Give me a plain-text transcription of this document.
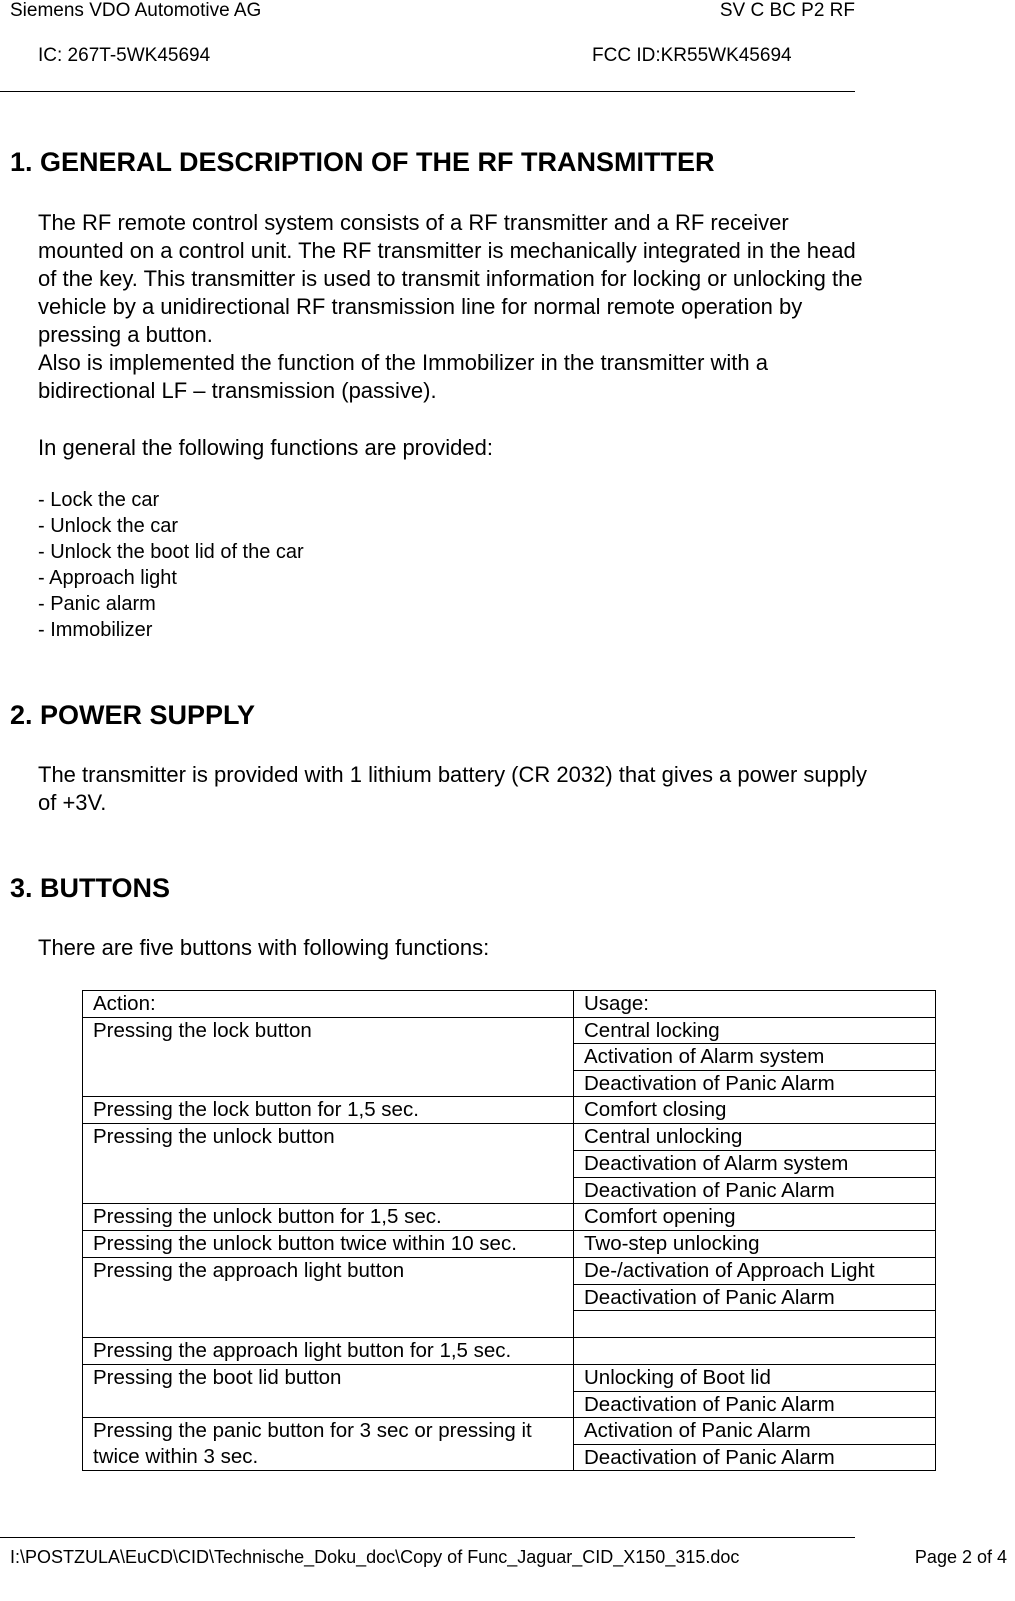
Siemens VDO Automotive AG	SV C BC P2 RF
IC: 267T-5WK45694	FCC ID:KR55WK45694
1. GENERAL DESCRIPTION OF THE RF TRANSMITTER
The RF remote control system consists of a RF transmitter and a RF receiver mounted on a control unit. The RF transmitter is mechanically integrated in the head of the key. This transmitter is used to transmit information for locking or unlocking the vehicle by a unidirectional RF transmission line for normal remote operation by pressing a button.
Also is implemented the function of the Immobilizer in the transmitter with a bidirectional LF – transmission (passive).
In general the following functions are provided:
- Lock the car
- Unlock the car
- Unlock the boot lid of the car
- Approach light
- Panic alarm
- Immobilizer
2. POWER SUPPLY
The transmitter is provided with 1 lithium battery (CR 2032) that gives a power supply of +3V.
3. BUTTONS
There are five buttons with following functions:
Action:	Usage:
Pressing the lock button	Central locking
	Activation of Alarm system
	Deactivation of Panic Alarm
Pressing the lock button for 1,5 sec.	Comfort closing
Pressing the unlock button	Central unlocking
	Deactivation of Alarm system
	Deactivation of Panic Alarm
Pressing the unlock button for 1,5 sec.	Comfort opening
Pressing the unlock button twice within 10 sec.	Two-step unlocking
Pressing the approach light button	De-/activation of Approach Light
	Deactivation of Panic Alarm

Pressing the approach light button for 1,5 sec.	
Pressing the boot lid button	Unlocking of Boot lid
	Deactivation of Panic Alarm
Pressing the panic button for 3 sec or pressing it twice within 3 sec.	Activation of Panic Alarm
	Deactivation of Panic Alarm
I:\POSTZULA\EuCD\CID\Technische_Doku_doc\Copy of Func_Jaguar_CID_X150_315.doc	Page 2 of 4
